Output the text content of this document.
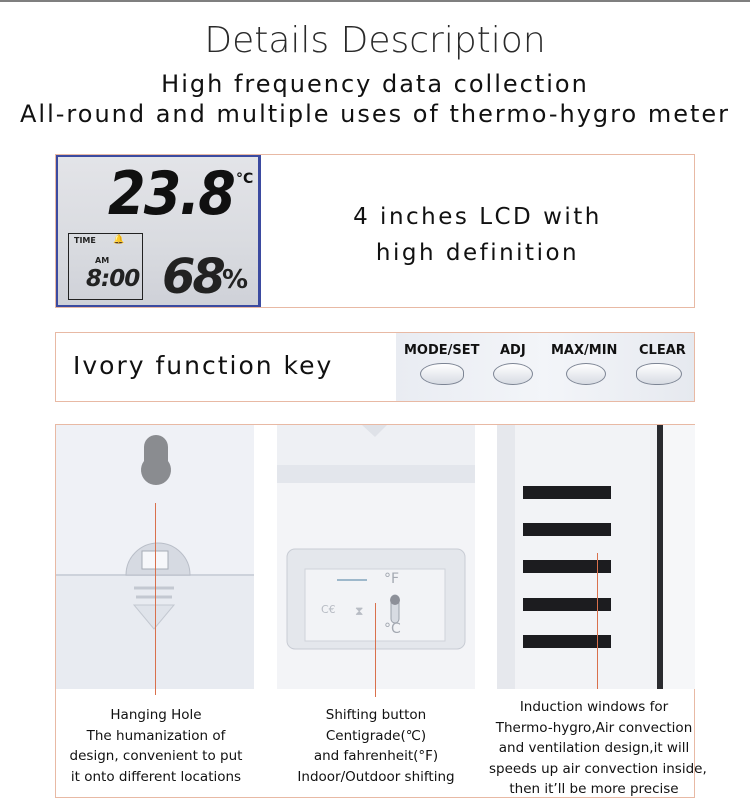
Details Description
High frequency data collection
All-round and multiple uses of thermo-hygro meter
23.8 °C
TIME 🔔
AM
8:00 68 %
4 inches LCD with
high definition
Ivory function key
MODE/SET ADJ MAX/MIN CLEAR
C€ ⧗
°F
°C
Hanging Hole
The humanization of
design, convenient to put
it onto different locations
Shifting button
Centigrade(℃)
and fahrenheit(°F)
Indoor/Outdoor shifting
Induction windows for
Thermo-hygro,Air convection
and ventilation design,it will
speeds up air convection inside,
then it’ll be more precise
